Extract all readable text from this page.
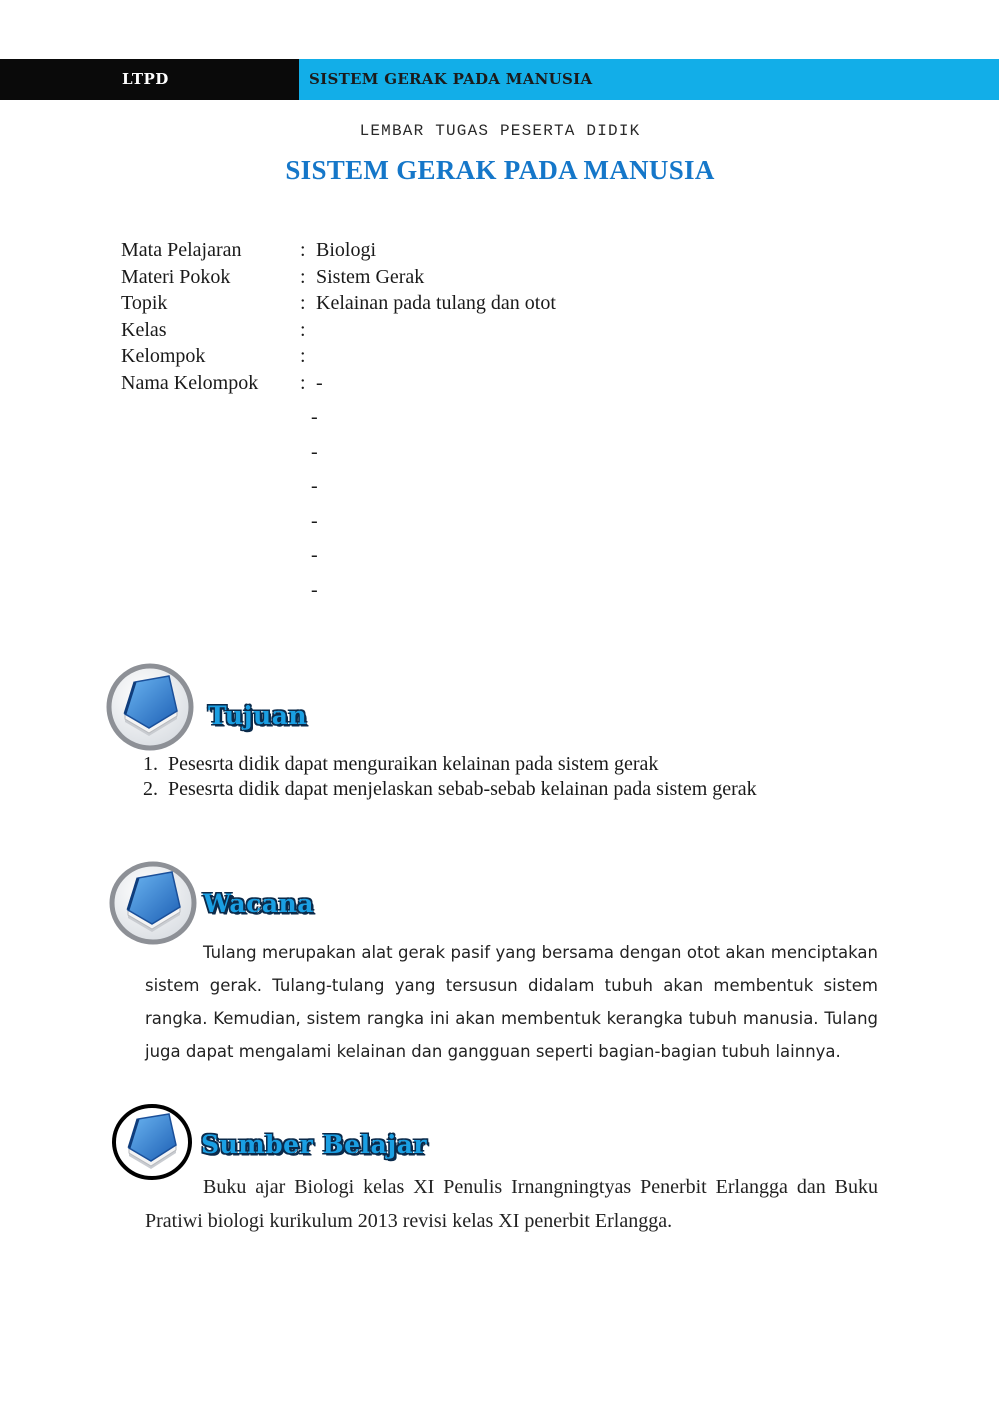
LTPD	SISTEM GERAK PADA MANUSIA
LEMBAR TUGAS PESERTA DIDIK
SISTEM GERAK PADA MANUSIA
Mata Pelajaran	: Biologi
Materi Pokok	: Sistem Gerak
Topik	: Kelainan pada tulang dan otot
Kelas	:
Kelompok	:
Nama Kelompok	: -
-
-
-
-
-
-
Tujuan
1. Pesesrta didik dapat menguraikan kelainan pada sistem gerak
2. Pesesrta didik dapat menjelaskan sebab-sebab kelainan pada sistem gerak
Wacana

Tulang merupakan alat gerak pasif yang bersama dengan otot akan menciptakan sistem gerak. Tulang-tulang yang tersusun didalam tubuh akan membentuk sistem rangka. Kemudian, sistem rangka ini akan membentuk kerangka tubuh manusia. Tulang juga dapat mengalami kelainan dan gangguan seperti bagian-bagian tubuh lainnya.

Sumber Belajar

Buku ajar Biologi kelas XI Penulis Irnangningtyas Penerbit Erlangga dan Buku Pratiwi biologi kurikulum 2013 revisi kelas XI penerbit Erlangga.
